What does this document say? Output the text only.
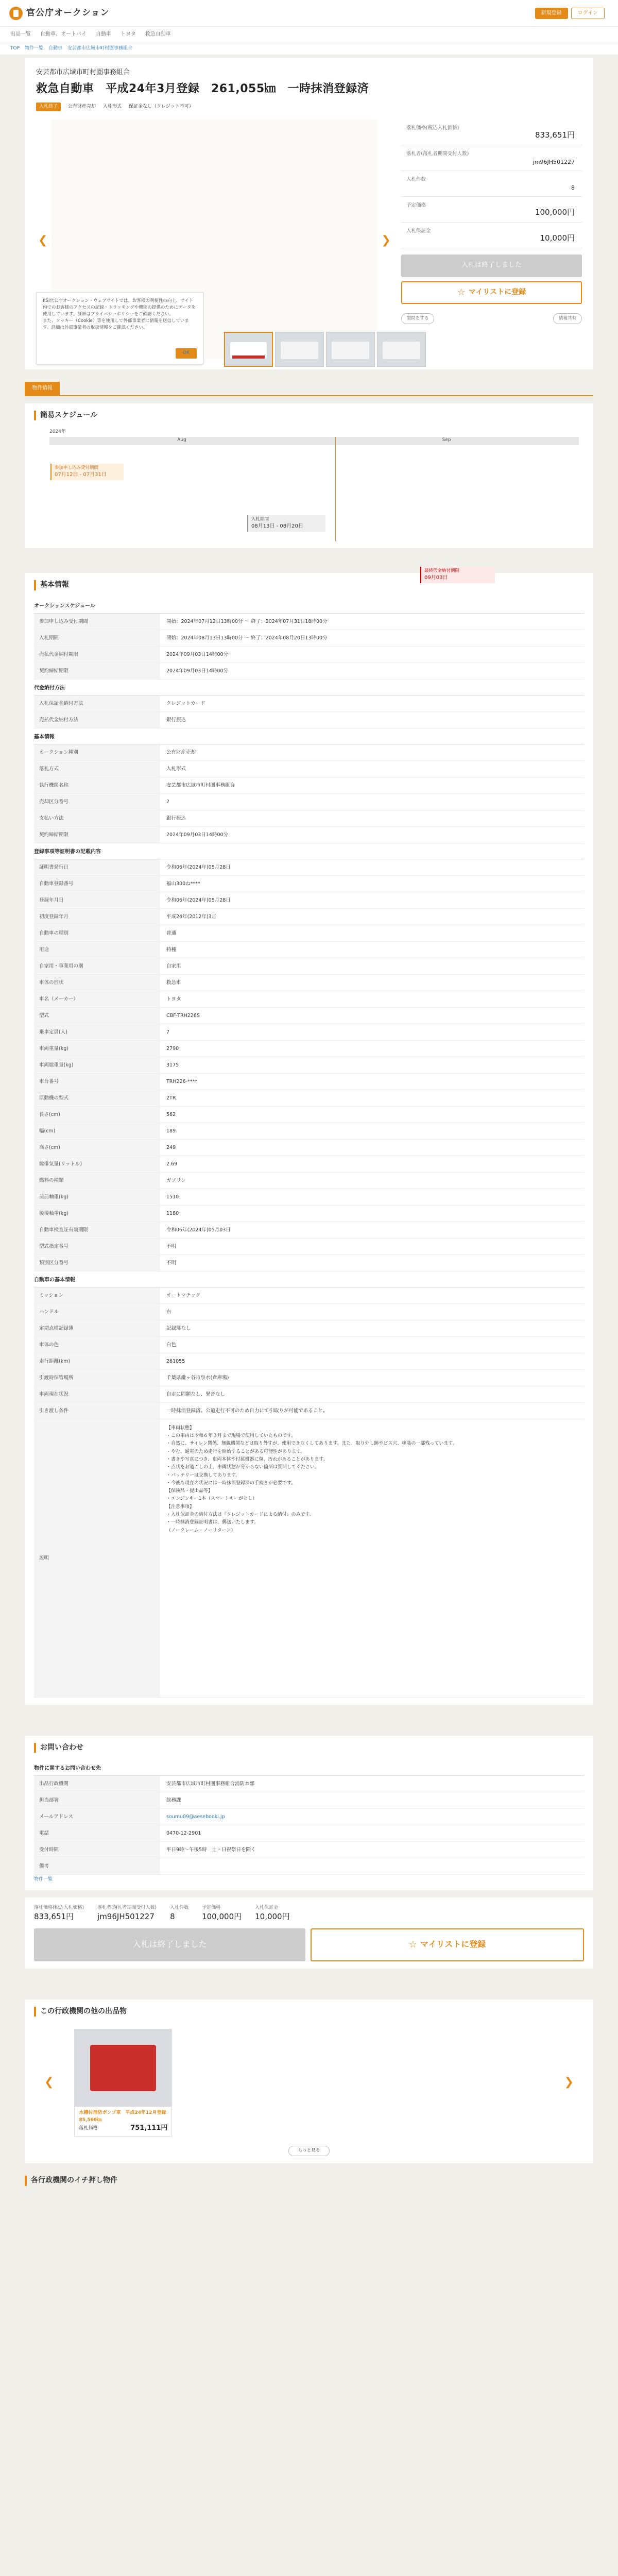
官公庁オークション	新規登録	ログイン
出品一覧 自動車、オートバイ 自動車 トヨタ 救急自動車
TOP 物件一覧 自動車 安芸都市広域市町村圏事務組合
安芸都市広域市町村圏事務組合
救急自動車　平成24年3月登録　261,055㎞　一時抹消登録済
入札終了	公有財産売却 入札形式 保証金なし（クレジット不可）
❮	❯

KSI官公庁オークション・ウェブサイトでは、お客様の利便性の向上、サイト内でのお客様のアクセスの記録・トラッキングや機能の提供のためにデータを使用しています。詳細はプライバシーポリシーをご確認ください。

また、クッキー（Cookie）等を使用して外部事業者に情報を送信しています。詳細は外部事業者の取扱情報をご確認ください。

OK
落札価格(税込入札価格)
833,651円
落札者(落札者期間受付人数)
jm96JH501227
入札件数
8
予定価格
100,000円
入札保証金
10,000円
入札は終了しました
☆ マイリストに登録
質問をする	情報共有
物件情報
簡易スケジュール
2024年
Aug	Sep
参加申し込み受付期間
07月12日 - 07月31日
入札期間
08月13日 - 08月20日
最終代金納付期限
09月03日
基本情報
オークションスケジュール
参加申し込み受付期間	開始：2024年07月12日13時00分 ～ 終了：2024年07月31日18時00分
入札期間	開始：2024年08月13日13時00分 ～ 終了：2024年08月20日13時00分
売払代金納付期限	2024年09月03日14時00分
契約締結期限	2024年09月03日14時00分
代金納付方法
入札保証金納付方法	クレジットカード
売払代金納付方法	銀行振込
基本情報
オークション種別	公有財産売却
落札方式	入札形式
執行機関名称	安芸都市広域市町村圏事務組合
売却区分番号	2
支払い方法	銀行振込
契約締結期限	2024年09月03日14時00分
登録事項等証明書の記載内容
証明書発行日	令和06年(2024年)05月28日
自動車登録番号	福山300ね****
登録年月日	令和06年(2024年)05月28日
初度登録年月	平成24年(2012年)3月
自動車の種別	普通
用途	特種
自家用・事業用の別	自家用
車体の形状	救急車
車名（メーカー）	トヨタ
型式	CBF-TRH226S
乗車定員(人)	7
車両重量(kg)	2790
車両総重量(kg)	3175
車台番号	TRH226-****
原動機の型式	2TR
長さ(cm)	562
幅(cm)	189
高さ(cm)	249
総排気量(リットル)	2.69
燃料の種類	ガソリン
前前軸重(kg)	1510
後後軸重(kg)	1180
自動車検査証有効期限	令和06年(2024年)05月03日
型式指定番号	不明
類別区分番号	不明
自動車の基本情報
ミッション	オートマチック
ハンドル	右
定期点検記録簿	記録簿なし
車体の色	白色
走行距離(km)	261055
引渡時保管場所	千葉県鎌ヶ谷市泉水(倉庫場)
車両現在状況	自走に問題なし、異音なし
引き渡し条件	一時抹消登録済。公道走行不可のため自力にて引取りが可能であること。
説明
【車両状態】
・この車両は令和６年３月まで現場で使用していたものです。
・自然に、サイレン関係、無線機関などは取り外すが、使用できなくしてあります。また、取り外し跡やビス穴、塗装の一部残っています。
・やむ、通電のため走行を開始することがある可能性があります。
・書きや写真につき、車両本体や付属機器に傷、汚れがあることがあります。
・点状をお過ごしの上、車両状態が分からない箇所は質問してください。
・バッテリーは交換してあります。
・今後も現在の状況には一時抹消登録済の手続きが必要です。
【保険品・提出品等】
・エンジンキー1本（スマートキーがなし）
【注意事項】
・入札保証金の納付方法は『クレジットカードによる納付』のみです。
・一時抹消登録証明書は、郵送いたします。
（ノークレーム・ノーリターン）
お問い合わせ
物件に関するお問い合わせ先
出品行政機関	安芸都市広域市町村圏事務組合消防本部
担当部署	総務課
メールアドレス	soumu09@aesebooki.jp
電話	0470-12-2901
受付時間	平日9時～午後5時　土・日祝祭日を除く
備考
物件一覧
落札価格(税込入札価格)
833,651円
落札者(落札者期間受付人数)
jm96JH501227
入札件数
8
予定価格
100,000円
入札保証金
10,000円
入札は終了しました	☆ マイリストに登録
この行政機関の他の出品物
❮
水槽付消防ポンプ車　平成24年12月登録　85,566㎞
落札価格	751,111円
❯
もっと見る
各行政機関のイチ押し物件
